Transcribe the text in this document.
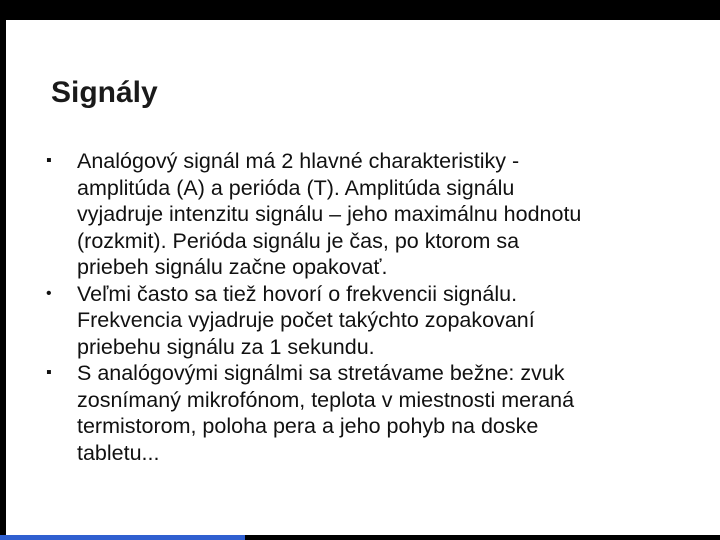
Signály
▪	Analógový signál má 2 hlavné charakteristiky -
amplitúda (A) a perióda (T). Amplitúda signálu
vyjadruje intenzitu signálu – jeho maximálnu hodnotu
(rozkmit). Perióda signálu je čas, po ktorom sa
priebeh signálu začne opakovať.
•	Veľmi často sa tiež hovorí o frekvencii signálu.
Frekvencia vyjadruje počet takýchto zopakovaní
priebehu signálu za 1 sekundu.
▪	S analógovými signálmi sa stretávame bežne: zvuk
zosnímaný mikrofónom, teplota v miestnosti meraná
termistorom, poloha pera a jeho pohyb na doske
tabletu...
